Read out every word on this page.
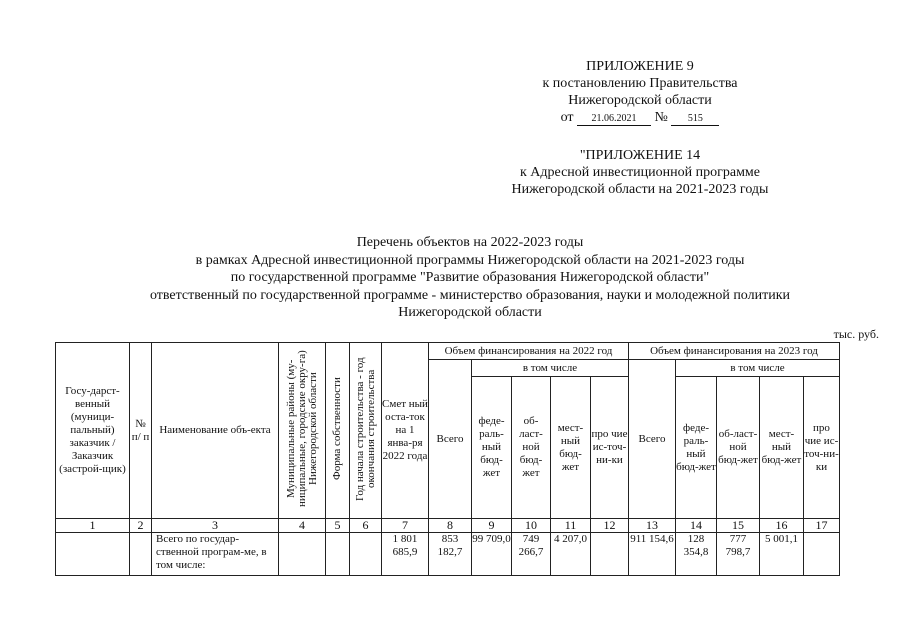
ПРИЛОЖЕНИЕ 9
к постановлению Правительства
Нижегородской области
от 21.06.2021 № 515
"ПРИЛОЖЕНИЕ 14
к Адресной инвестиционной программе
Нижегородской области на 2021-2023 годы
Перечень объектов на 2022-2023 годы
в рамках Адресной инвестиционной программы Нижегородской области на 2021-2023 годы
по государственной программе "Развитие образования Нижегородской области"
ответственный по государственной программе - министерство образования, науки и молодежной политики
Нижегородской области
тыс. руб.
Госу-дарст-венный (муници-пальный) заказчик / Заказчик (застрой-щик)	№ п/ п	Наименование объ-екта	Муниципальные районы (му-ниципальные, городские окру-га) Нижегородской области	Форма собственности	Год начала строительства - год окончания строительства	Смет ный оста-ток на 1 янва-ря 2022 года	Объем финансирования на 2022 год					Объем финансирования на 2023 год				
							Всего	в том числе				Всего	в том числе			
								феде-раль-ный бюд-жет	об-ласт-ной бюд-жет	мест-ный бюд-жет	про чие ис-точ-ни-ки		феде-раль-ный бюд-жет	об-ласт-ной бюд-жет	мест-ный бюд-жет	про чие ис-точ-ни-ки
1	2	3	4	5	6	7	8	9	10	11	12	13	14	15	16	17
		Всего по государ-ственной програм-ме, в том числе:				1 801 685,9	853 182,7	99 709,0	749 266,7	4 207,0		911 154,6	128 354,8	777 798,7	5 001,1	
